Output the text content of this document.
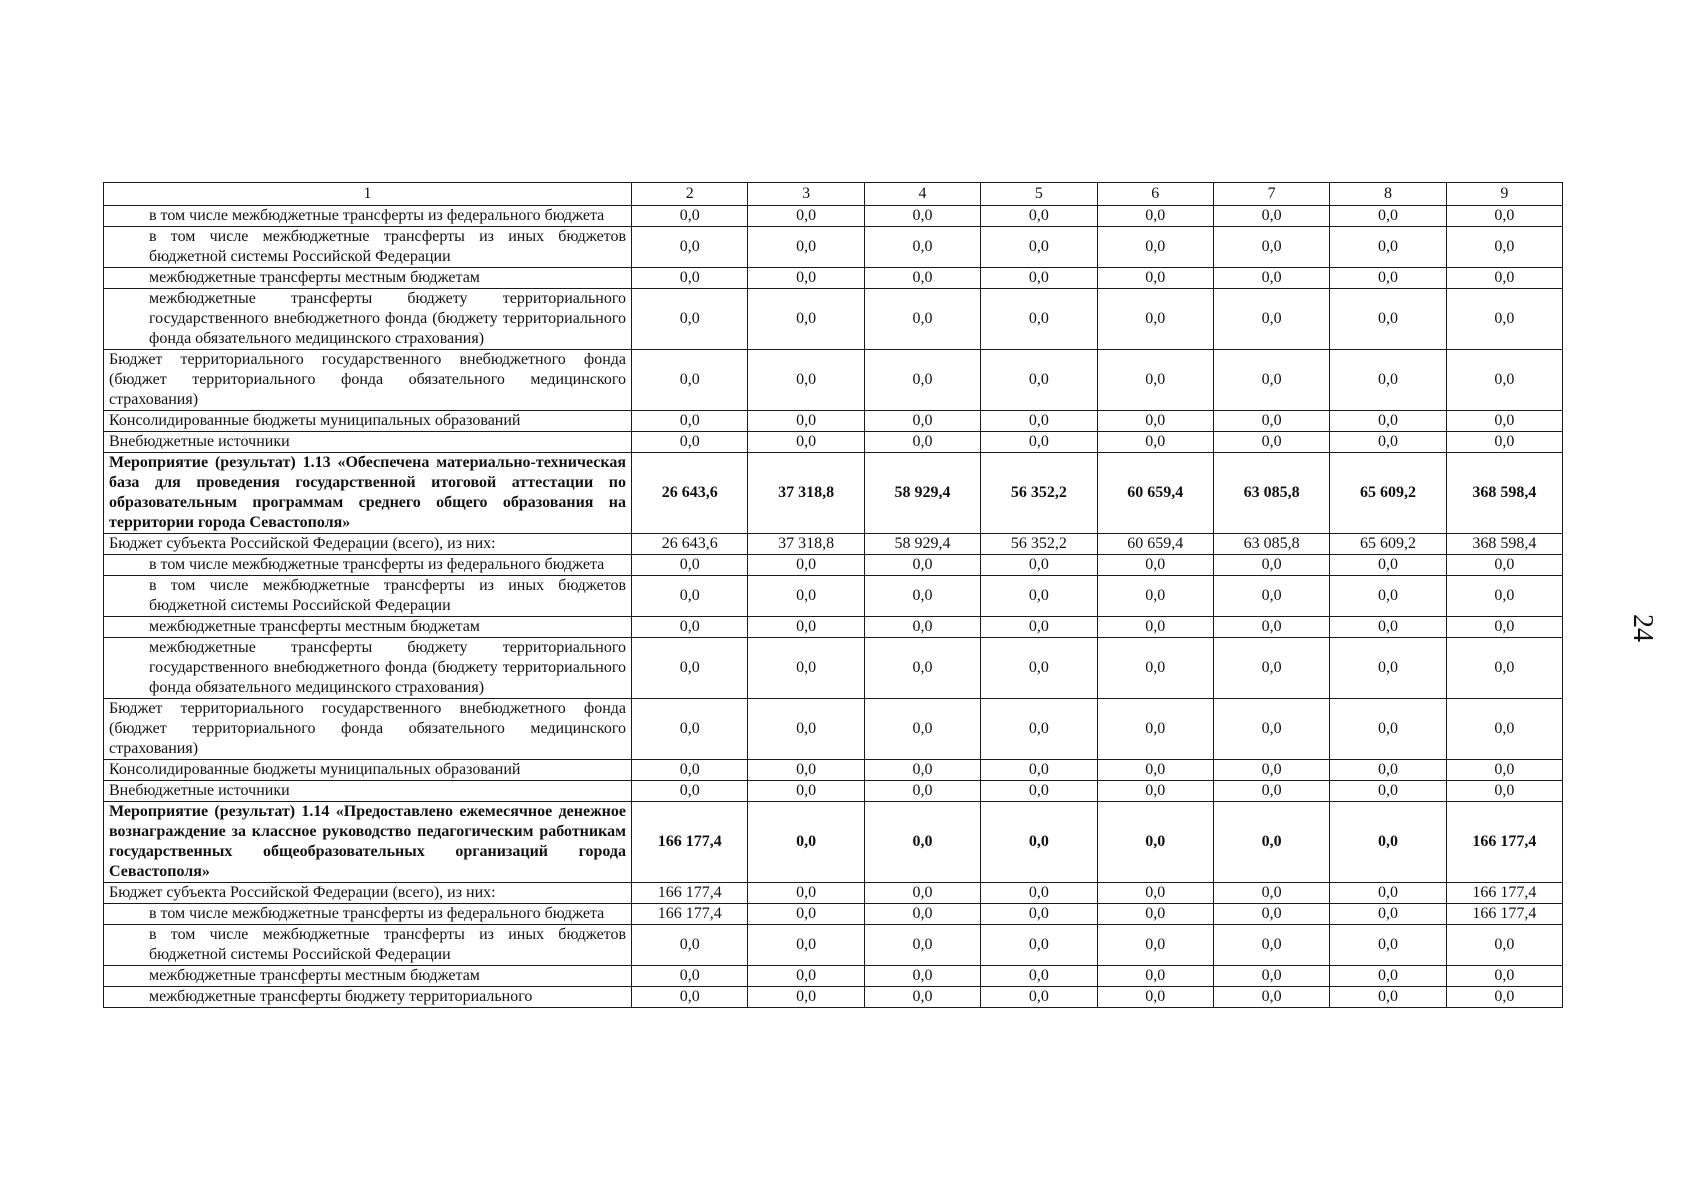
1	2	3	4	5	6	7	8	9
в том числе межбюджетные трансферты из федерального бюджета	0,0	0,0	0,0	0,0	0,0	0,0	0,0	0,0
в том числе межбюджетные трансферты из иных бюджетов бюджетной системы Российской Федерации	0,0	0,0	0,0	0,0	0,0	0,0	0,0	0,0
межбюджетные трансферты местным бюджетам	0,0	0,0	0,0	0,0	0,0	0,0	0,0	0,0
межбюджетные трансферты бюджету территориального государственного внебюджетного фонда (бюджету территориального фонда обязательного медицинского страхования)	0,0	0,0	0,0	0,0	0,0	0,0	0,0	0,0
Бюджет территориального государственного внебюджетного фонда (бюджет территориального фонда обязательного медицинского страхования)	0,0	0,0	0,0	0,0	0,0	0,0	0,0	0,0
Консолидированные бюджеты муниципальных образований	0,0	0,0	0,0	0,0	0,0	0,0	0,0	0,0
Внебюджетные источники	0,0	0,0	0,0	0,0	0,0	0,0	0,0	0,0
Мероприятие (результат) 1.13 «Обеспечена материально-техническая база для проведения государственной итоговой аттестации по образовательным программам среднего общего образования на территории города Севастополя»	26 643,6	37 318,8	58 929,4	56 352,2	60 659,4	63 085,8	65 609,2	368 598,4
Бюджет субъекта Российской Федерации (всего), из них:	26 643,6	37 318,8	58 929,4	56 352,2	60 659,4	63 085,8	65 609,2	368 598,4
в том числе межбюджетные трансферты из федерального бюджета	0,0	0,0	0,0	0,0	0,0	0,0	0,0	0,0
в том числе межбюджетные трансферты из иных бюджетов бюджетной системы Российской Федерации	0,0	0,0	0,0	0,0	0,0	0,0	0,0	0,0
межбюджетные трансферты местным бюджетам	0,0	0,0	0,0	0,0	0,0	0,0	0,0	0,0
межбюджетные трансферты бюджету территориального государственного внебюджетного фонда (бюджету территориального фонда обязательного медицинского страхования)	0,0	0,0	0,0	0,0	0,0	0,0	0,0	0,0
Бюджет территориального государственного внебюджетного фонда (бюджет территориального фонда обязательного медицинского страхования)	0,0	0,0	0,0	0,0	0,0	0,0	0,0	0,0
Консолидированные бюджеты муниципальных образований	0,0	0,0	0,0	0,0	0,0	0,0	0,0	0,0
Внебюджетные источники	0,0	0,0	0,0	0,0	0,0	0,0	0,0	0,0
Мероприятие (результат) 1.14 «Предоставлено ежемесячное денежное вознаграждение за классное руководство педагогическим работникам государственных общеобразовательных организаций города Севастополя»	166 177,4	0,0	0,0	0,0	0,0	0,0	0,0	166 177,4
Бюджет субъекта Российской Федерации (всего), из них:	166 177,4	0,0	0,0	0,0	0,0	0,0	0,0	166 177,4
в том числе межбюджетные трансферты из федерального бюджета	166 177,4	0,0	0,0	0,0	0,0	0,0	0,0	166 177,4
в том числе межбюджетные трансферты из иных бюджетов бюджетной системы Российской Федерации	0,0	0,0	0,0	0,0	0,0	0,0	0,0	0,0
межбюджетные трансферты местным бюджетам	0,0	0,0	0,0	0,0	0,0	0,0	0,0	0,0
межбюджетные трансферты бюджету территориального	0,0	0,0	0,0	0,0	0,0	0,0	0,0	0,0
24
